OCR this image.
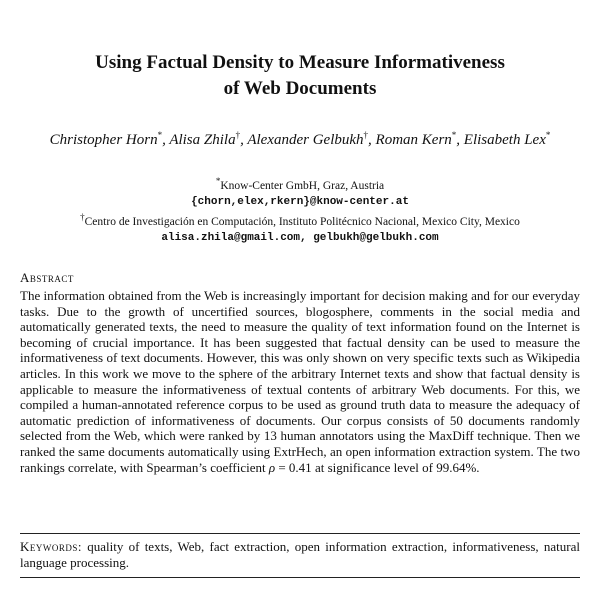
Using Factual Density to Measure Informativeness
of Web Documents
Christopher Horn*, Alisa Zhila†, Alexander Gelbukh†, Roman Kern*, Elisabeth Lex*
*Know-Center GmbH, Graz, Austria
{chorn,elex,rkern}@know-center.at
†Centro de Investigación en Computación, Instituto Politécnico Nacional, Mexico City, Mexico
alisa.zhila@gmail.com, gelbukh@gelbukh.com
Abstract
The information obtained from the Web is increasingly important for decision making and for our everyday tasks. Due to the growth of uncertified sources, blogosphere, comments in the social media and automatically generated texts, the need to measure the quality of text information found on the Internet is becoming of crucial importance. It has been suggested that factual density can be used to measure the informativeness of text documents. However, this was only shown on very specific texts such as Wikipedia articles. In this work we move to the sphere of the arbitrary Internet texts and show that factual density is applicable to measure the informativeness of textual contents of arbitrary Web documents. For this, we compiled a human-annotated reference corpus to be used as ground truth data to measure the adequacy of automatic prediction of informativeness of documents. Our corpus consists of 50 documents randomly selected from the Web, which were ranked by 13 human annotators using the MaxDiff technique. Then we ranked the same documents automatically using ExtrHech, an open information extraction system. The two rankings correlate, with Spearman’s coefficient ρ = 0.41 at significance level of 99.64%.
Keywords: quality of texts, Web, fact extraction, open information extraction, informativeness, natural language processing.
